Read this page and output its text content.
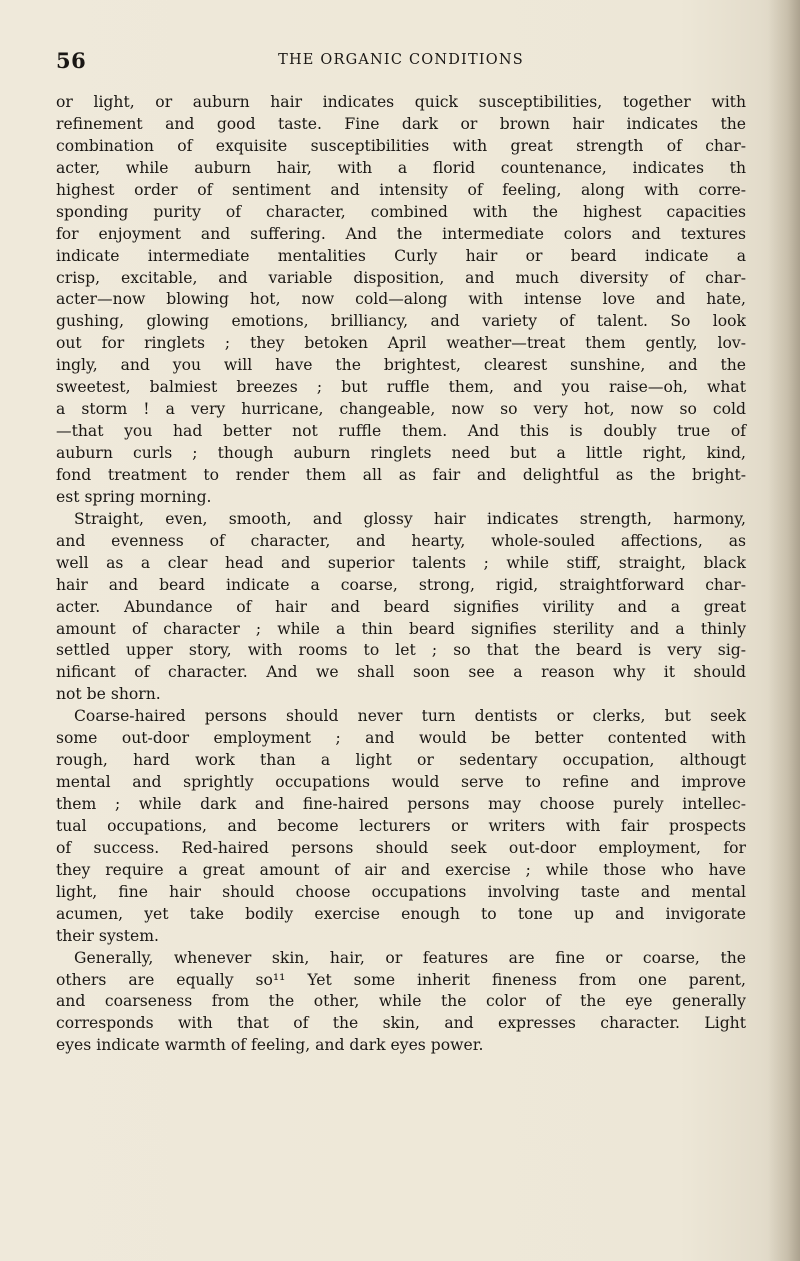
56	THE ORGANIC CONDITIONS
or light, or auburn hair indicates quick susceptibilities, together with
refinement and good taste. Fine dark or brown hair indicates the
combination of exquisite susceptibilities with great strength of char-
acter, while auburn hair, with a florid countenance, indicates th
highest order of sentiment and intensity of feeling, along with corre-
sponding purity of character, combined with the highest capacities
for enjoyment and suffering. And the intermediate colors and textures
indicate intermediate mentalities Curly hair or beard indicate a
crisp, excitable, and variable disposition, and much diversity of char-
acter—now blowing hot, now cold—along with intense love and hate,
gushing, glowing emotions, brilliancy, and variety of talent. So look
out for ringlets ; they betoken April weather—treat them gently, lov-
ingly, and you will have the brightest, clearest sunshine, and the
sweetest, balmiest breezes ; but ruffle them, and you raise—oh, what
a storm ! a very hurricane, changeable, now so very hot, now so cold
—that you had better not ruffle them. And this is doubly true of
auburn curls ; though auburn ringlets need but a little right, kind,
fond treatment to render them all as fair and delightful as the bright-
est spring morning.
Straight, even, smooth, and glossy hair indicates strength, harmony,
and evenness of character, and hearty, whole-souled affections, as
well as a clear head and superior talents ; while stiff, straight, black
hair and beard indicate a coarse, strong, rigid, straightforward char-
acter. Abundance of hair and beard signifies virility and a great
amount of character ; while a thin beard signifies sterility and a thinly
settled upper story, with rooms to let ; so that the beard is very sig-
nificant of character. And we shall soon see a reason why it should
not be shorn.
Coarse-haired persons should never turn dentists or clerks, but seek
some out-door employment ; and would be better contented with
rough, hard work than a light or sedentary occupation, althougt
mental and sprightly occupations would serve to refine and improve
them ; while dark and fine-haired persons may choose purely intellec-
tual occupations, and become lecturers or writers with fair prospects
of success. Red-haired persons should seek out-door employment, for
they require a great amount of air and exercise ; while those who have
light, fine hair should choose occupations involving taste and mental
acumen, yet take bodily exercise enough to tone up and invigorate
their system.
Generally, whenever skin, hair, or features are fine or coarse, the
others are equally so¹¹ Yet some inherit fineness from one parent,
and coarseness from the other, while the color of the eye generally
corresponds with that of the skin, and expresses character. Light
eyes indicate warmth of feeling, and dark eyes power.
